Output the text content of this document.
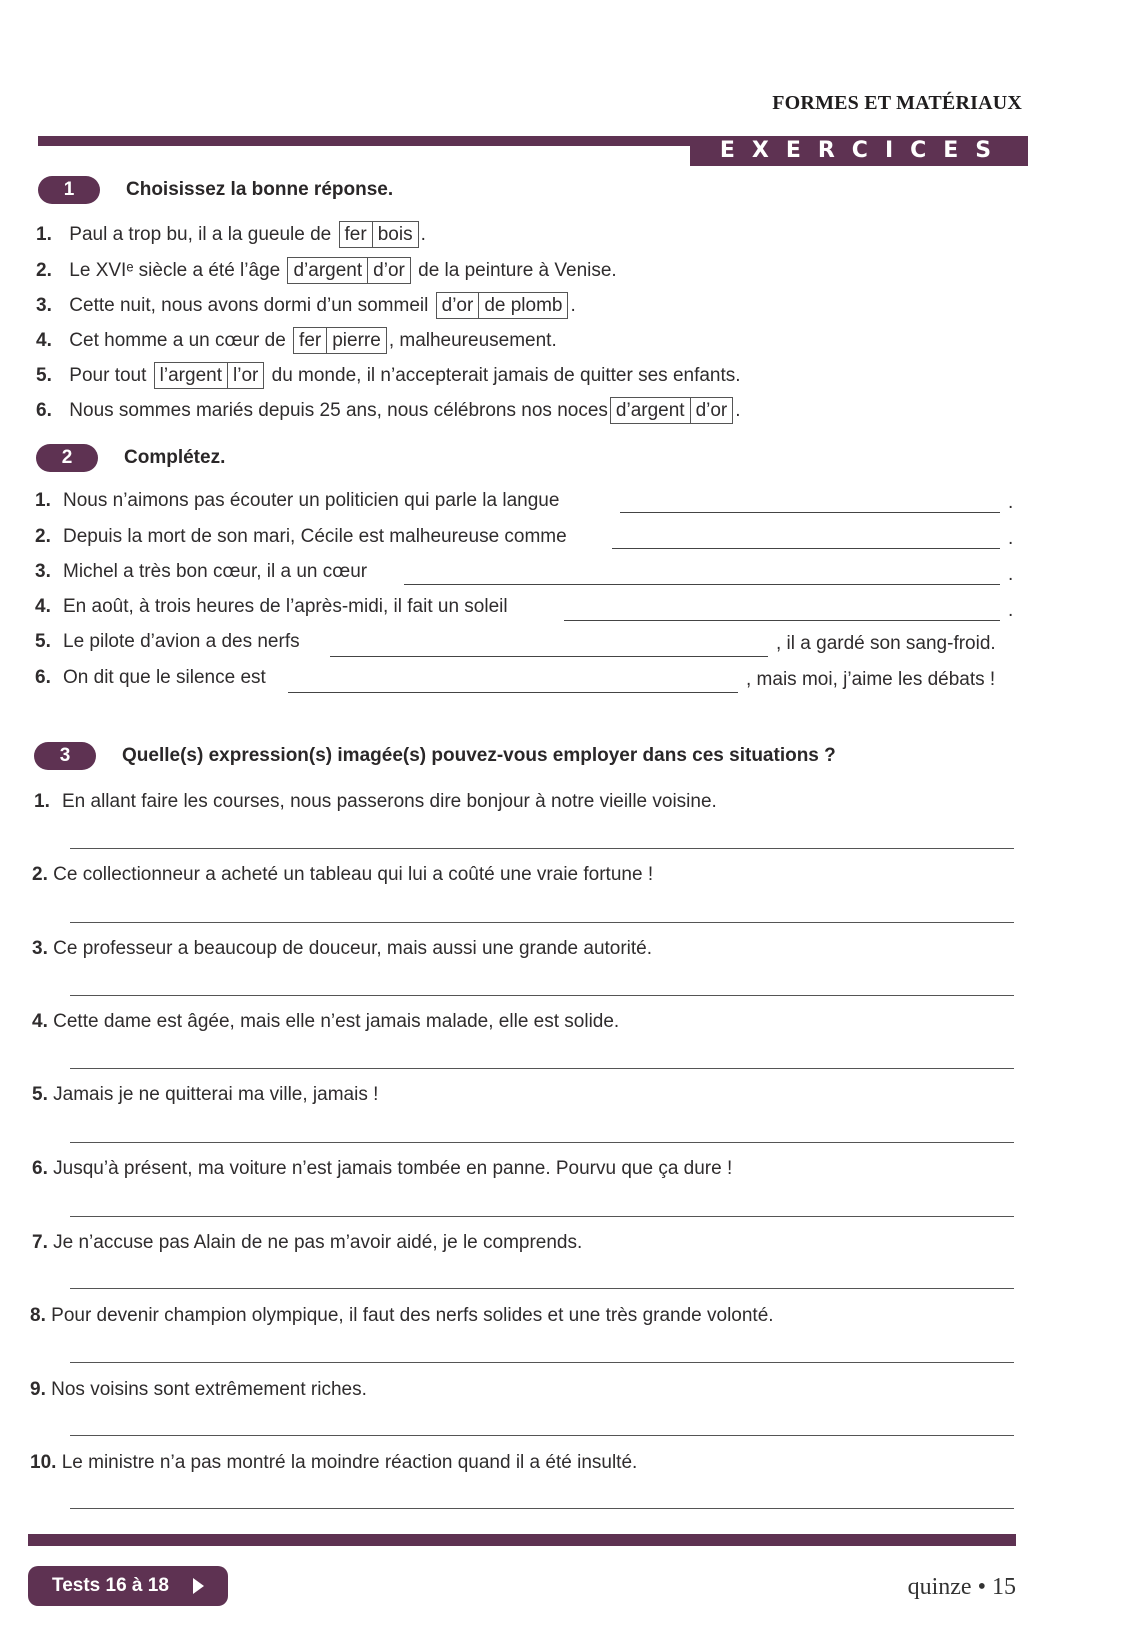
FORMES ET MATÉRIAUX
EXERCICES
1	Choisissez la bonne réponse.
1. Paul a trop bu, il a la gueule de fer bois .
2. Le XVIᵉ siècle a été l’âge d’argent d’or de la peinture à Venise.
3. Cette nuit, nous avons dormi d’un sommeil d’or de plomb .
4. Cet homme a un cœur de fer pierre , malheureusement.
5. Pour tout l’argent l’or du monde, il n’accepterait jamais de quitter ses enfants.
6. Nous sommes mariés depuis 25 ans, nous célébrons nos noces d’argent d’or .
2	Complétez.
1. Nous n’aimons pas écouter un politicien qui parle la langue	.
2. Depuis la mort de son mari, Cécile est malheureuse comme	.
3. Michel a très bon cœur, il a un cœur	.
4. En août, à trois heures de l’après-midi, il fait un soleil	.
5. Le pilote d’avion a des nerfs	, il a gardé son sang-froid.
6. On dit que le silence est	, mais moi, j’aime les débats !
3	Quelle(s) expression(s) imagée(s) pouvez-vous employer dans ces situations ?
1. En allant faire les courses, nous passerons dire bonjour à notre vieille voisine.
2. Ce collectionneur a acheté un tableau qui lui a coûté une vraie fortune !
3. Ce professeur a beaucoup de douceur, mais aussi une grande autorité.
4. Cette dame est âgée, mais elle n’est jamais malade, elle est solide.
5. Jamais je ne quitterai ma ville, jamais !
6. Jusqu’à présent, ma voiture n’est jamais tombée en panne. Pourvu que ça dure !
7. Je n’accuse pas Alain de ne pas m’avoir aidé, je le comprends.
8. Pour devenir champion olympique, il faut des nerfs solides et une très grande volonté.
9. Nos voisins sont extrêmement riches.
10. Le ministre n’a pas montré la moindre réaction quand il a été insulté.
Tests 16 à 18	quinze • 15
